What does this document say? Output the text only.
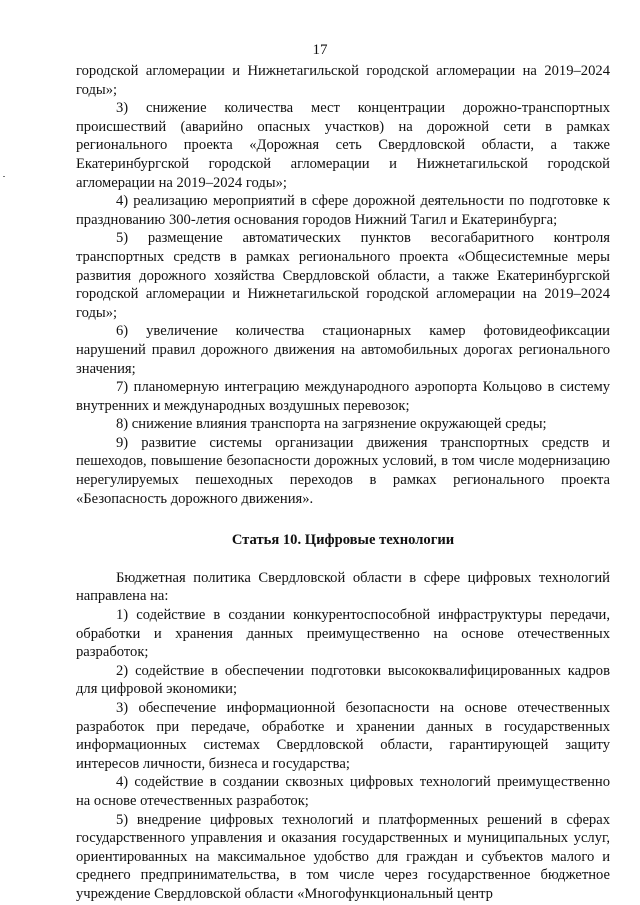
17
городской агломерации и Нижнетагильской городской агломерации на 2019–2024 годы»;
3) снижение количества мест концентрации дорожно-транспортных происшествий (аварийно опасных участков) на дорожной сети в рамках регионального проекта «Дорожная сеть Свердловской области, а также Екатеринбургской городской агломерации и Нижнетагильской городской агломерации на 2019–2024 годы»;
4) реализацию мероприятий в сфере дорожной деятельности по подготовке к празднованию 300-летия основания городов Нижний Тагил и Екатеринбурга;
5) размещение автоматических пунктов весогабаритного контроля транспортных средств в рамках регионального проекта «Общесистемные меры развития дорожного хозяйства Свердловской области, а также Екатеринбургской городской агломерации и Нижнетагильской городской агломерации на 2019–2024 годы»;
6) увеличение количества стационарных камер фотовидеофиксации нарушений правил дорожного движения на автомобильных дорогах регионального значения;
7) планомерную интеграцию международного аэропорта Кольцово в систему внутренних и международных воздушных перевозок;
8) снижение влияния транспорта на загрязнение окружающей среды;
9) развитие системы организации движения транспортных средств и пешеходов, повышение безопасности дорожных условий, в том числе модернизацию нерегулируемых пешеходных переходов в рамках регионального проекта «Безопасность дорожного движения».
Статья 10. Цифровые технологии
Бюджетная политика Свердловской области в сфере цифровых технологий направлена на:
1) содействие в создании конкурентоспособной инфраструктуры передачи, обработки и хранения данных преимущественно на основе отечественных разработок;
2) содействие в обеспечении подготовки высококвалифицированных кадров для цифровой экономики;
3) обеспечение информационной безопасности на основе отечественных разработок при передаче, обработке и хранении данных в государственных информационных системах Свердловской области, гарантирующей защиту интересов личности, бизнеса и государства;
4) содействие в создании сквозных цифровых технологий преимущественно на основе отечественных разработок;
5) внедрение цифровых технологий и платформенных решений в сферах государственного управления и оказания государственных и муниципальных услуг, ориентированных на максимальное удобство для граждан и субъектов малого и среднего предпринимательства, в том числе через государственное бюджетное учреждение Свердловской области «Многофункциональный центр
